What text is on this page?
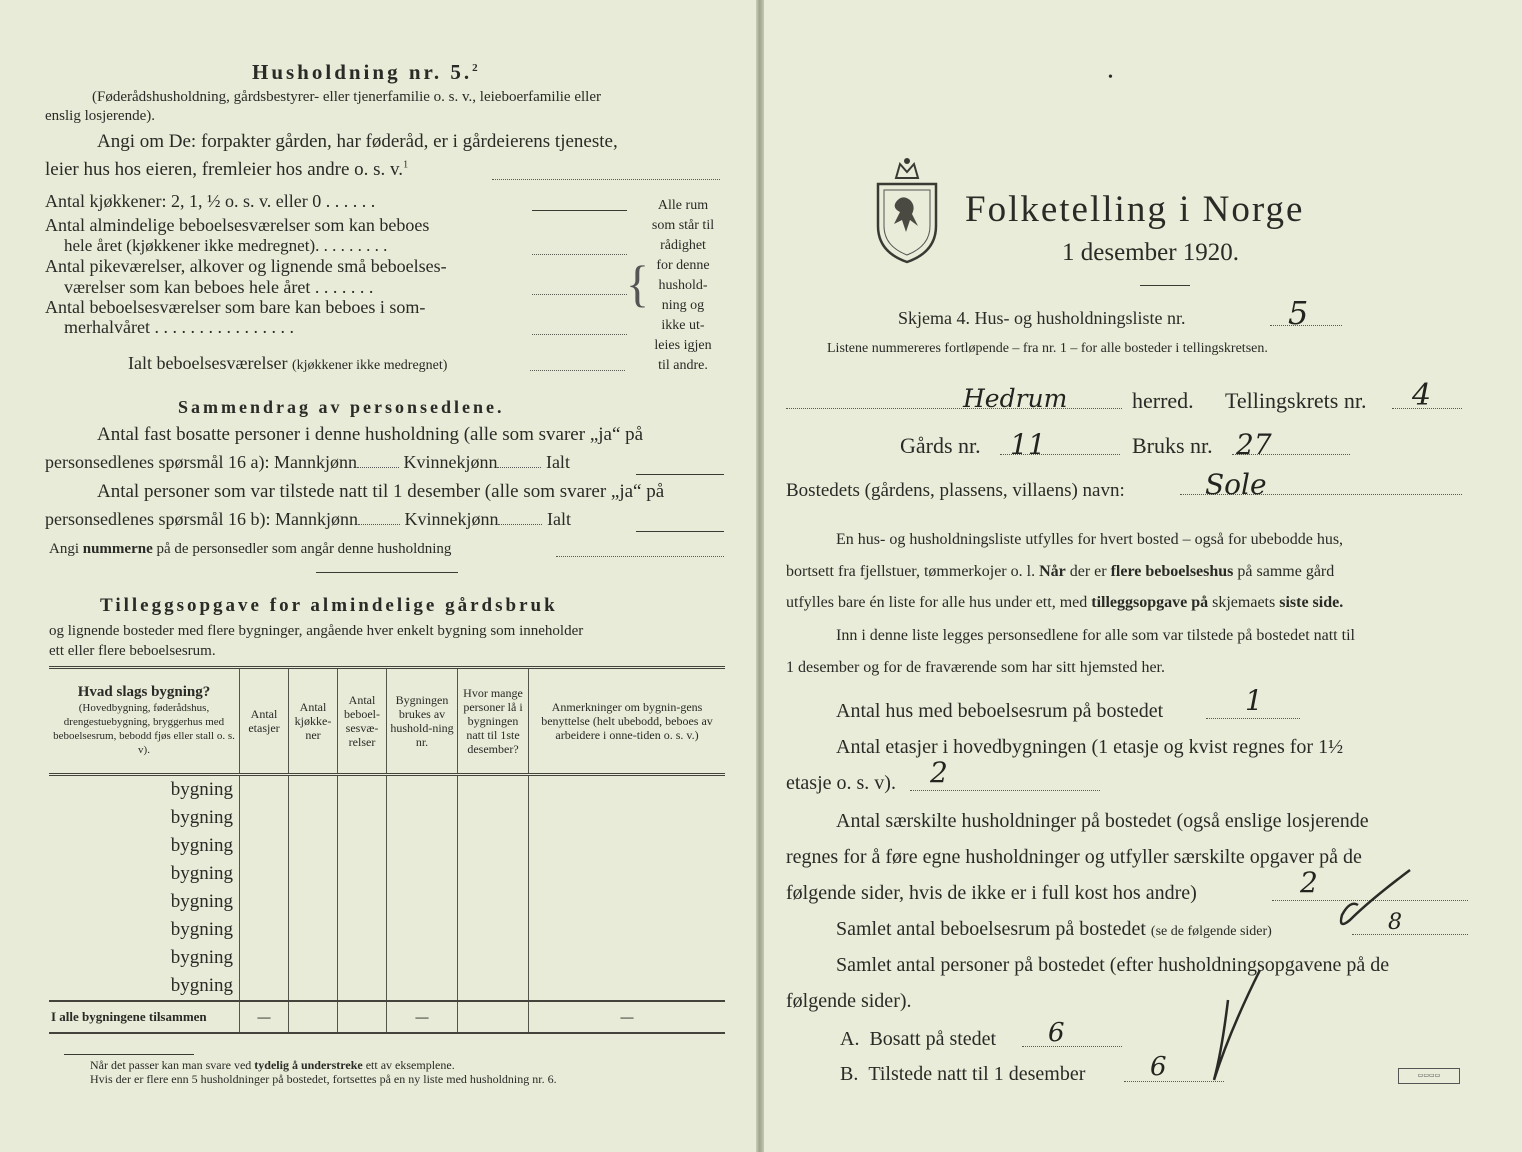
Husholdning nr. 5.$^2$
(Føderådshusholdning, gårdsbestyrer- eller tjenerfamilie o. s. v., leieboerfamilie eller
enslig losjerende).
Angi om De: forpakter gården, har føderåd, er i gårdeierens tjeneste,
leier hus hos eieren, fremleier hos andre o. s. v.$^1$
Antal kjøkkener: 2, 1, ½ o. s. v. eller 0 . . . . . .
Antal almindelige beboelsesværelser som kan beboes
hele året (kjøkkener ikke medregnet). . . . . . . . .
Antal pikeværelser, alkover og lignende små beboelses-
værelser som kan beboes hele året . . . . . . .
Antal beboelsesværelser som bare kan beboes i som-
merhalvåret . . . . . . . . . . . . . . . .
Ialt beboelsesværelser (kjøkkener ikke medregnet)
{
Alle rum
som står til
rådighet
for denne
hushold-
ning og
ikke ut-
leies igjen
til andre.
Sammendrag av personsedlene.
Antal fast bosatte personer i denne husholdning (alle som svarer „ja“ på
personsedlenes spørsmål 16 a): Mannkjønn	Kvinnekjønn	Ialt
Antal personer som var tilstede natt til 1 desember (alle som svarer „ja“ på
personsedlenes spørsmål 16 b): Mannkjønn	Kvinnekjønn	Ialt
Angi nummerne på de personsedler som angår denne husholdning
Tilleggsopgave for almindelige gårdsbruk
og lignende bosteder med flere bygninger, angående hver enkelt bygning som inneholder
ett eller flere beboelsesrum.
Hvad slags bygning?
(Hovedbygning, føderådshus, drengestuebygning, bryggerhus med beboelsesrum, bebodd fjøs eller stall o. s. v).	Antal etasjer	Antal kjøkke-ner	Antal beboel-sesvæ-relser	Bygningen brukes av hushold-ning nr.	Hvor mange personer lå i bygningen natt til 1ste desember?	Anmerkninger om bygnin-gens benyttelse (helt ubebodd, beboes av arbeidere i onne-tiden o. s. v.)
bygning						
bygning						
bygning						
bygning						
bygning						
bygning						
bygning						
bygning						
I alle bygningene tilsammen	—			—		—
Når det passer kan man svare ved tydelig å understreke ett av eksemplene.
Hvis der er flere enn 5 husholdninger på bostedet, fortsettes på en ny liste med husholdning nr. 6.
•
Folketelling i Norge
1 desember 1920.
Skjema 4. Hus- og husholdningsliste nr.	5
Listene nummereres fortløpende – fra nr. 1 – for alle bosteder i tellingskretsen.
Hedrum	herred. Tellingskrets nr. 4
Gårds nr. 11	Bruks nr. 27
Bostedets (gårdens, plassens, villaens) navn:	Sole
En hus- og husholdningsliste utfylles for hvert bosted – også for ubebodde hus,
bortsett fra fjellstuer, tømmerkojer o. l. Når der er flere beboelseshus på samme gård
utfylles bare én liste for alle hus under ett, med tilleggsopgave på skjemaets siste side.
Inn i denne liste legges personsedlene for alle som var tilstede på bostedet natt til
1 desember og for de fraværende som har sitt hjemsted her.
Antal hus med beboelsesrum på bostedet	1
Antal etasjer i hovedbygningen (1 etasje og kvist regnes for 1½
etasje o. s. v). 2
Antal særskilte husholdninger på bostedet (også enslige losjerende
regnes for å føre egne husholdninger og utfyller særskilte opgaver på de
følgende sider, hvis de ikke er i full kost hos andre)	2
Samlet antal beboelsesrum på bostedet (se de følgende sider)	8
Samlet antal personer på bostedet (efter husholdningsopgavene på de
følgende sider).
A. Bosatt på stedet 6
B. Tilstede natt til 1 desember 6	▭▭▭▭
